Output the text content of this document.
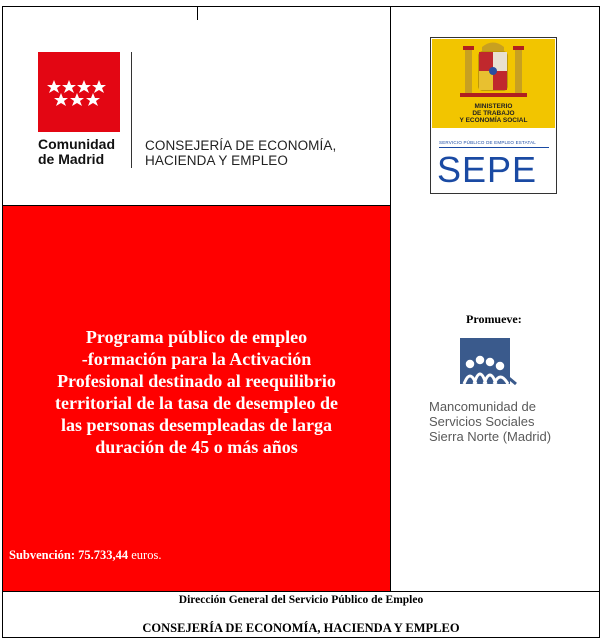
Comunidad
de Madrid
CONSEJERÍA DE ECONOMÍA,
HACIENDA Y EMPLEO
MINISTERIO
DE TRABAJO
Y ECONOMÍA SOCIAL
SERVICIO PÚBLICO DE EMPLEO ESTATAL
SEPE
Programa público de empleo
-formación para la Activación
Profesional destinado al reequilibrio
territorial de la tasa de desempleo de
las personas desempleadas de larga
duración de 45 o más años
Subvención: 75.733,44 euros.
Promueve:
Mancomunidad de
Servicios Sociales
Sierra Norte (Madrid)
Dirección General del Servicio Público de Empleo
CONSEJERÍA DE ECONOMÍA, HACIENDA Y EMPLEO
